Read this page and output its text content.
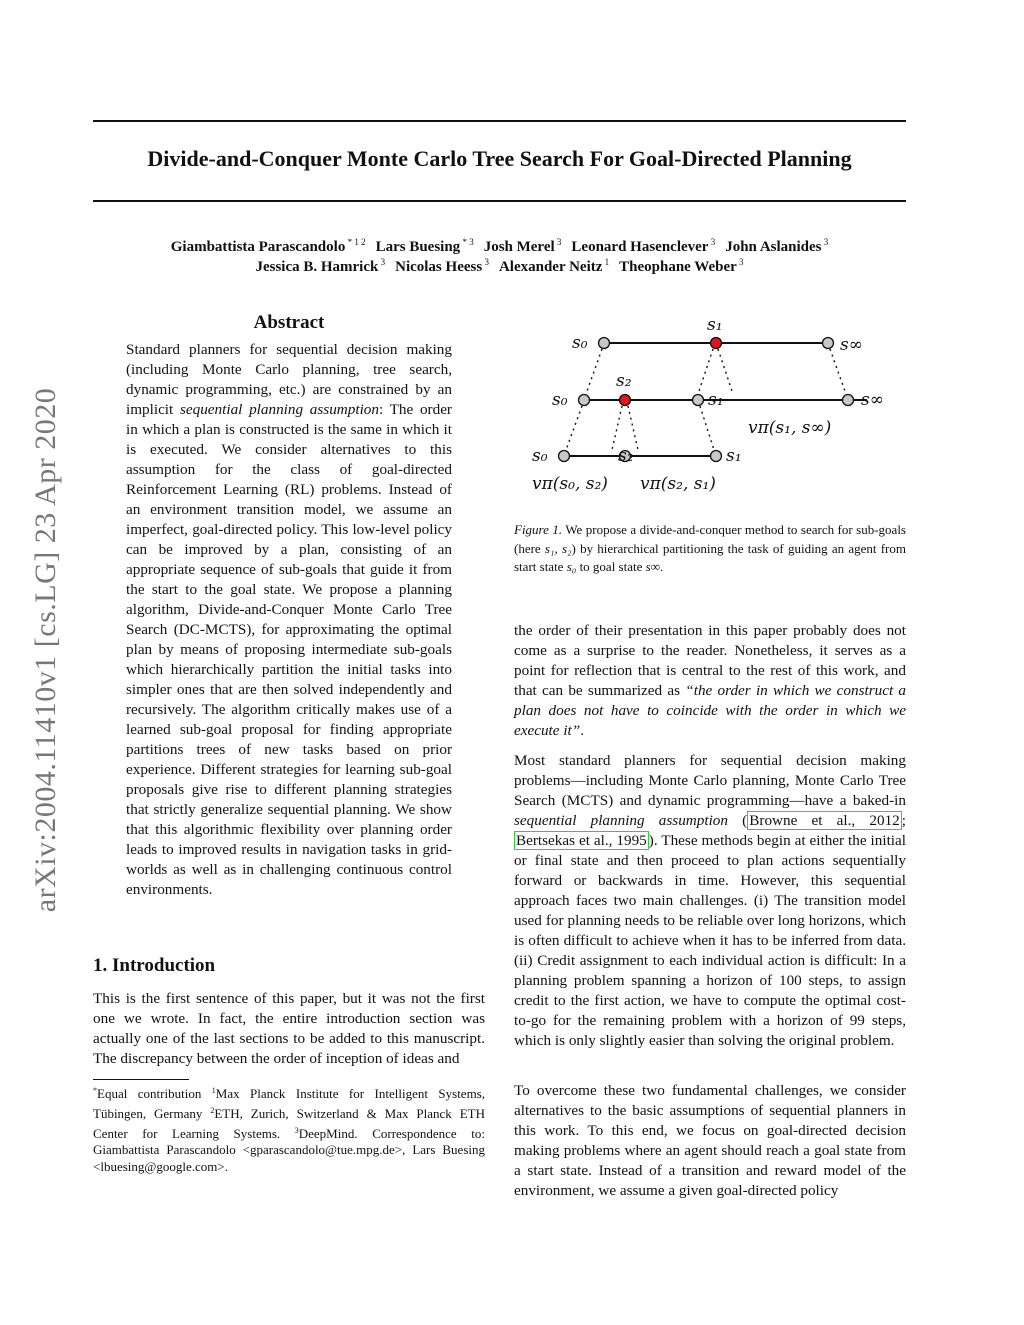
Divide-and-Conquer Monte Carlo Tree Search For Goal-Directed Planning
Giambattista Parascandolo $^{* 1 2}$ Lars Buesing $^{* 3}$ Josh Merel $^3$ Leonard Hasenclever $^3$ John Aslanides $^3$
Jessica B. Hamrick $^3$ Nicolas Heess $^3$ Alexander Neitz $^1$ Theophane Weber $^3$
arXiv:2004.11410v1 [cs.LG] 23 Apr 2020
Abstract
Standard planners for sequential decision making (including Monte Carlo planning, tree search, dynamic programming, etc.) are constrained by an implicit sequential planning assumption: The order in which a plan is constructed is the same in which it is executed. We consider alternatives to this assumption for the class of goal-directed Reinforcement Learning (RL) problems. Instead of an environment transition model, we assume an imperfect, goal-directed policy. This low-level policy can be improved by a plan, consisting of an appropriate sequence of sub-goals that guide it from the start to the goal state. We propose a planning algorithm, Divide-and-Conquer Monte Carlo Tree Search (DC-MCTS), for approximating the optimal plan by means of proposing intermediate sub-goals which hierarchically partition the initial tasks into simpler ones that are then solved independently and recursively. The algorithm critically makes use of a learned sub-goal proposal for finding appropriate partitions trees of new tasks based on prior experience. Different strategies for learning sub-goal proposals give rise to different planning strategies that strictly generalize sequential planning. We show that this algorithmic flexibility over planning order leads to improved results in navigation tasks in grid-worlds as well as in challenging continuous control environments.
1. Introduction
This is the first sentence of this paper, but it was not the first one we wrote. In fact, the entire introduction section was actually one of the last sections to be added to this manuscript. The discrepancy between the order of inception of ideas and
*Equal contribution $^1$Max Planck Institute for Intelligent Systems, Tübingen, Germany $^2$ETH, Zurich, Switzerland & Max Planck ETH Center for Learning Systems. $^3$DeepMind. Correspondence to: Giambattista Parascandolo <gparascandolo@tue.mpg.de>, Lars Buesing <lbuesing@google.com>.
s₀
s₁
s∞
s₂
s₀	s₁	s∞
vπ(s₁, s∞)
s₀	s₂	s₁
vπ(s₀, s₂) vπ(s₂, s₁)
Figure 1. We propose a divide-and-conquer method to search for sub-goals (here s₁, s₂) by hierarchical partitioning the task of guiding an agent from start state s₀ to goal state s∞.
the order of their presentation in this paper probably does not come as a surprise to the reader. Nonetheless, it serves as a point for reflection that is central to the rest of this work, and that can be summarized as “the order in which we construct a plan does not have to coincide with the order in which we execute it”.
Most standard planners for sequential decision making problems—including Monte Carlo planning, Monte Carlo Tree Search (MCTS) and dynamic programming—have a baked-in sequential planning assumption ( Browne et al., 2012 ; Bertsekas et al., 1995 ). These methods begin at either the initial or final state and then proceed to plan actions sequentially forward or backwards in time. However, this sequential approach faces two main challenges. (i) The transition model used for planning needs to be reliable over long horizons, which is often difficult to achieve when it has to be inferred from data. (ii) Credit assignment to each individual action is difficult: In a planning problem spanning a horizon of 100 steps, to assign credit to the first action, we have to compute the optimal cost-to-go for the remaining problem with a horizon of 99 steps, which is only slightly easier than solving the original problem.
To overcome these two fundamental challenges, we consider alternatives to the basic assumptions of sequential planners in this work. To this end, we focus on goal-directed decision making problems where an agent should reach a goal state from a start state. Instead of a transition and reward model of the environment, we assume a given goal-directed policy
